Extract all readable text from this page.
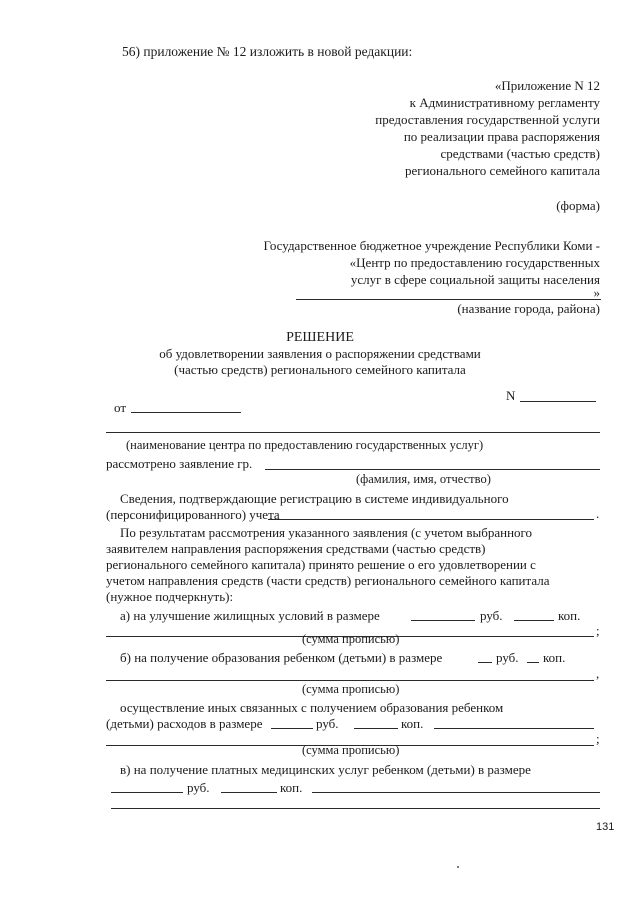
56) приложение № 12 изложить в новой редакции:
«Приложение N 12
к Административному регламенту
предоставления государственной услуги
по реализации права распоряжения
средствами (частью средств)
регионального семейного капитала
(форма)
Государственное бюджетное учреждение Республики Коми -
«Центр по предоставлению государственных
услуг в сфере социальной защиты населения
»
(название города, района)
РЕШЕНИЕ
об удовлетворении заявления о распоряжении средствами
(частью средств) регионального семейного капитала
N
от
(наименование центра по предоставлению государственных услуг)
рассмотрено заявление гр.
(фамилия, имя, отчество)
Сведения, подтверждающие регистрацию в системе индивидуального
(персонифицированного) учета	.
По результатам рассмотрения указанного заявления (с учетом выбранного
заявителем направления распоряжения средствами (частью средств)
регионального семейного капитала) принято решение о его удовлетворении с
учетом направления средств (части средств) регионального семейного капитала
(нужное подчеркнуть):
а) на улучшение жилищных условий в размере	руб.	коп.
;
(сумма прописью)
б) на получение образования ребенком (детьми) в размере	руб. коп.
,
(сумма прописью)
осуществление иных связанных с получением образования ребенком
(детьми) расходов в размере	руб.	коп.
;
(сумма прописью)
в) на получение платных медицинских услуг ребенком (детьми) в размере
руб.	коп.
131
